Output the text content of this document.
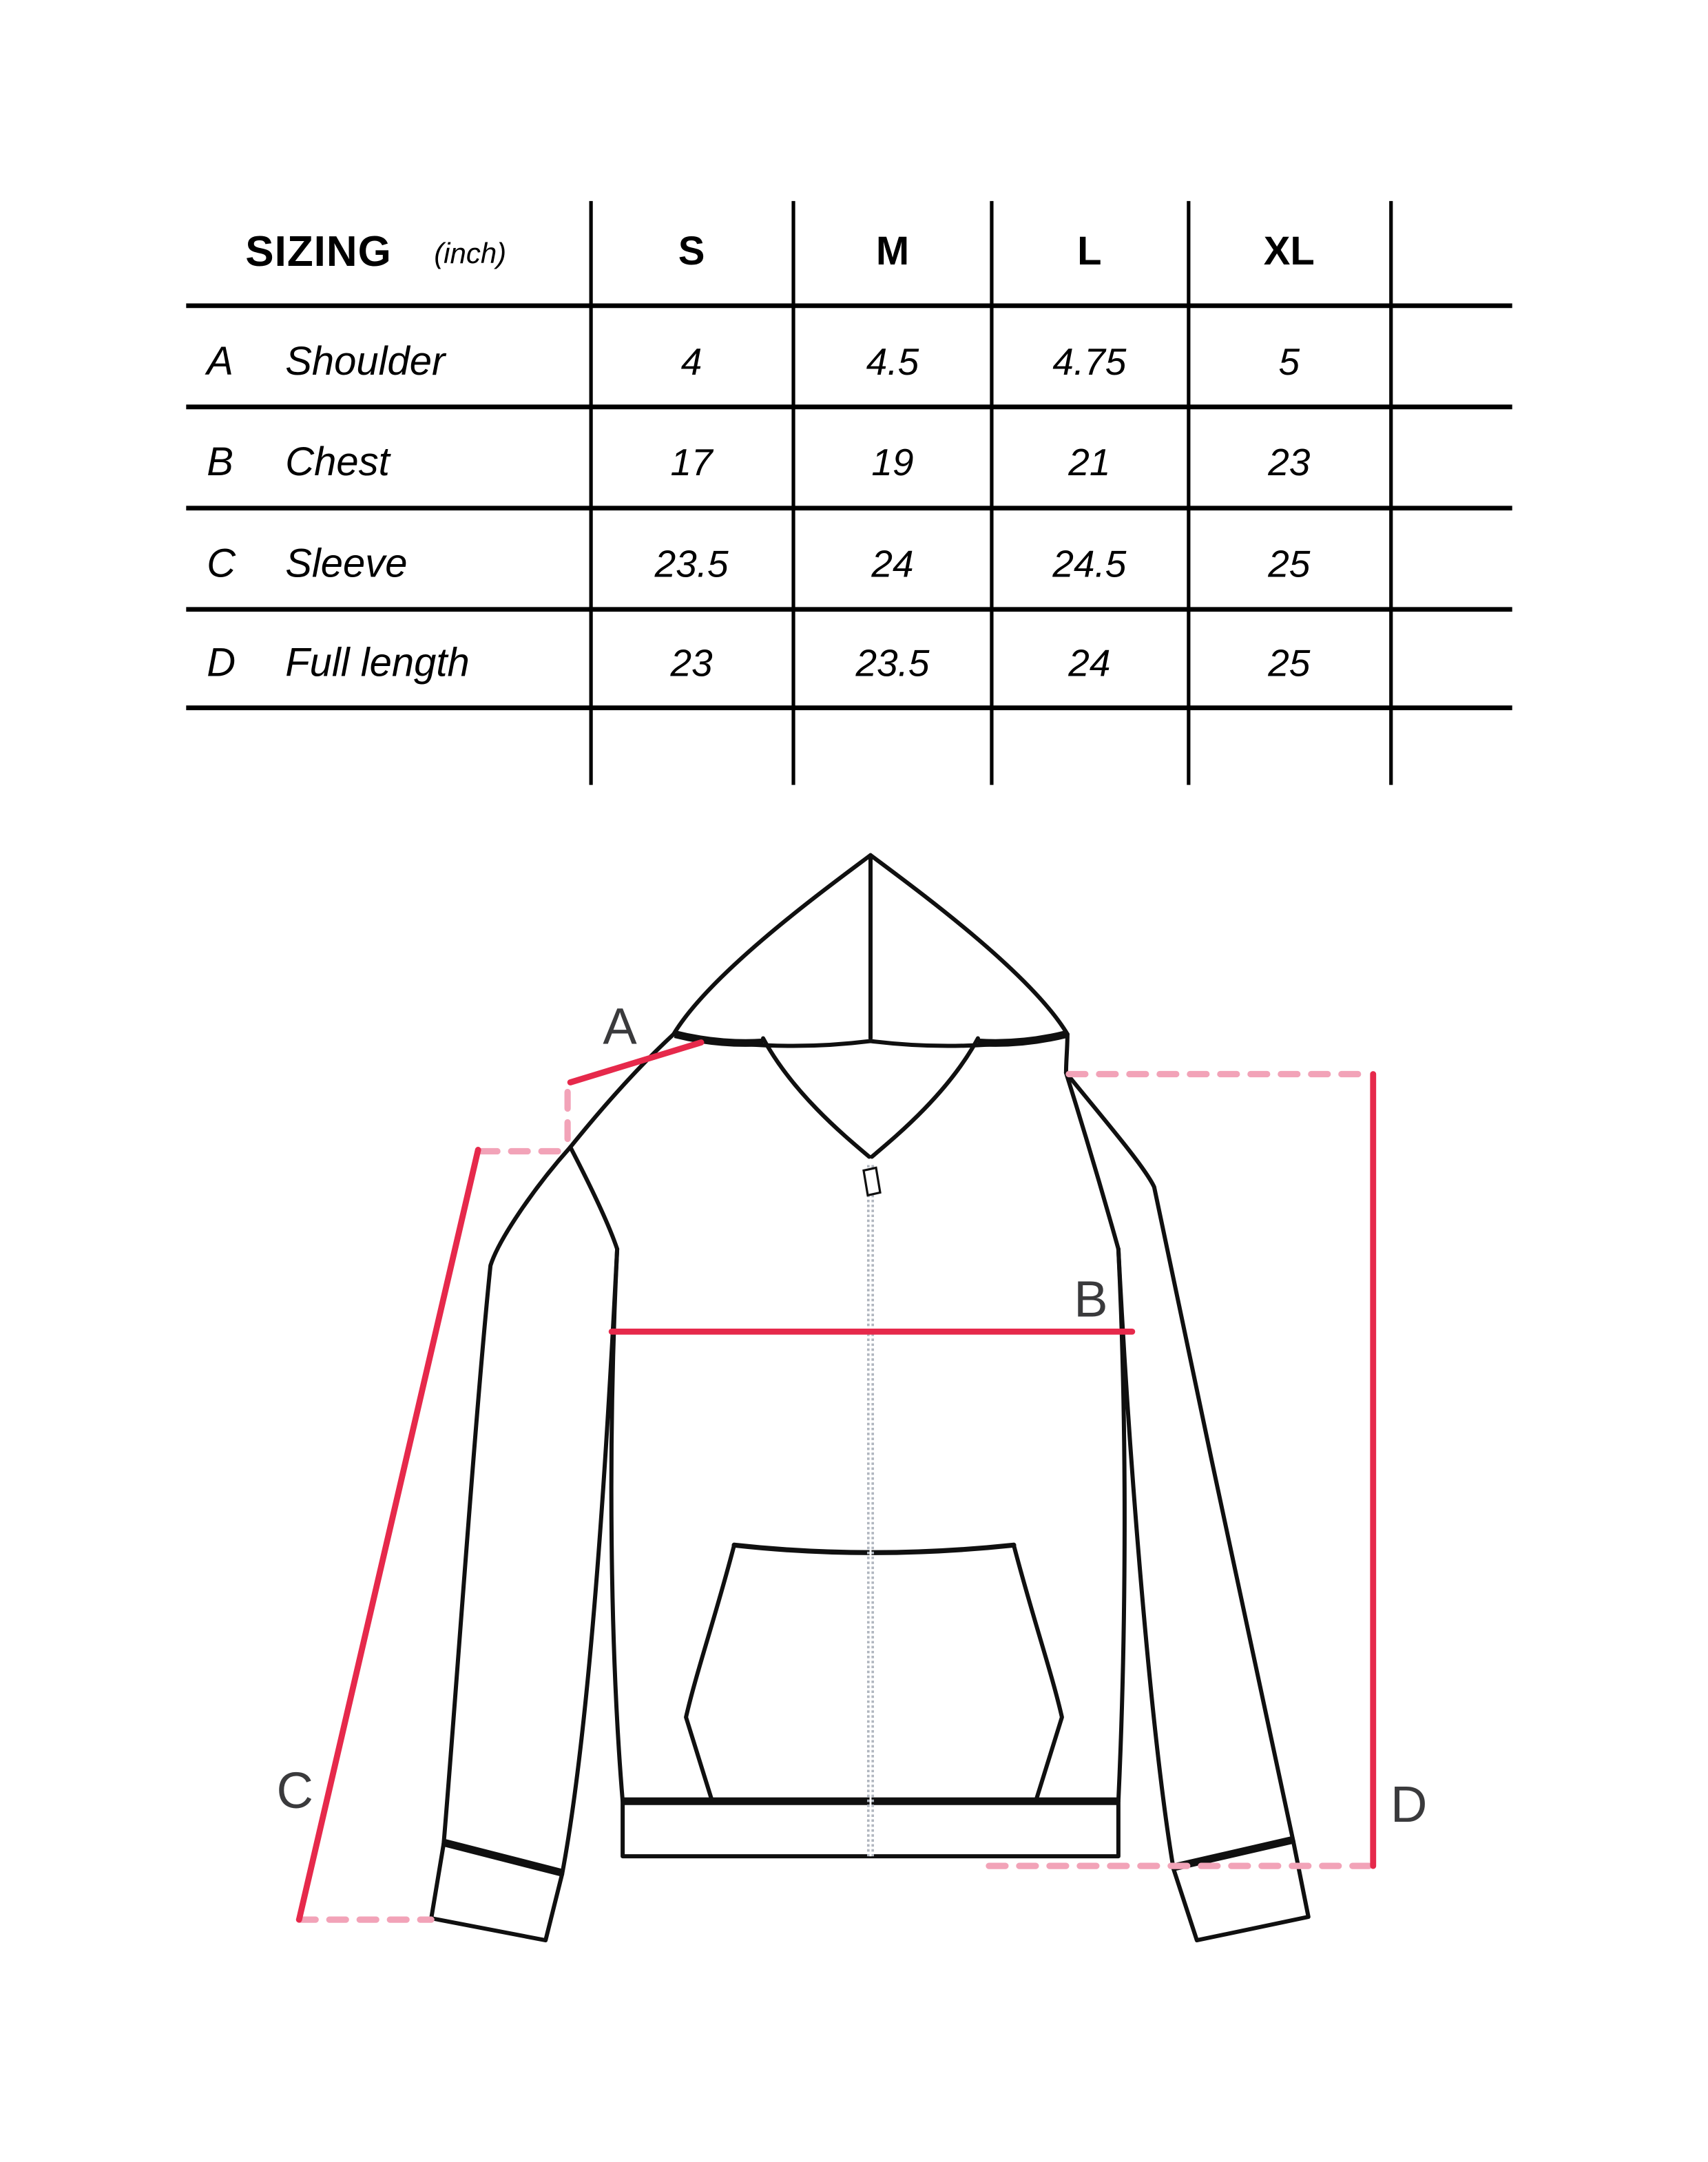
SIZING	(inch)	S	M	L	XL
A	Shoulder	4	4.5	4.75	5
B	Chest	17	19	21	23
C Sleeve	23.5	24	24.5	25
D Full length	23	23.5	24	25
A
B
C	D
